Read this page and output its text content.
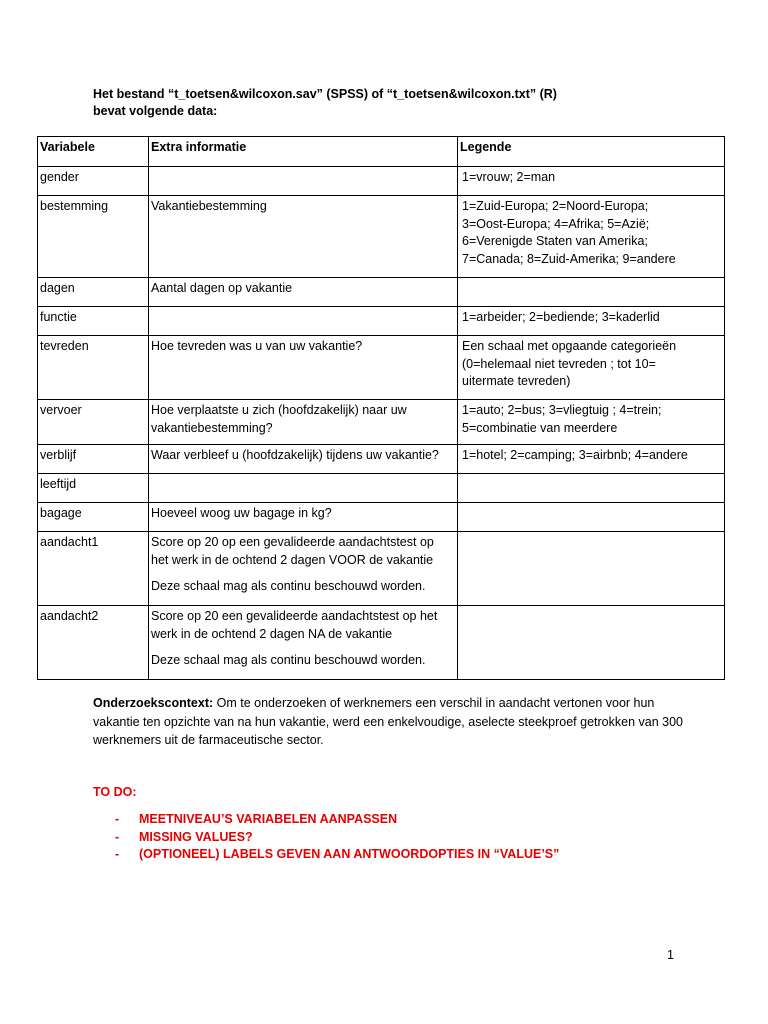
Het bestand “t_toetsen&wilcoxon.sav” (SPSS) of “t_toetsen&wilcoxon.txt” (R)
bevat volgende data:
Variabele	Extra informatie	Legende
gender		1=vrouw; 2=man

bestemming	Vakantiebestemming	1=Zuid-Europa; 2=Noord-Europa;
3=Oost-Europa; 4=Afrika; 5=Azië;
6=Verenigde Staten van Amerika;
7=Canada; 8=Zuid-Amerika; 9=andere

dagen	Aantal dagen op vakantie	

functie		1=arbeider; 2=bediende; 3=kaderlid

tevreden	Hoe tevreden was u van uw vakantie?	Een schaal met opgaande categorieën
(0=helemaal niet tevreden ; tot 10=
uitermate tevreden)

vervoer	Hoe verplaatste u zich (hoofdzakelijk) naar uw
vakantiebestemming?	1=auto; 2=bus; 3=vliegtuig ; 4=trein;
5=combinatie van meerdere

verblijf	Waar verbleef u (hoofdzakelijk) tijdens uw vakantie?	1=hotel; 2=camping; 3=airbnb; 4=andere

leeftijd	

bagage	Hoeveel woog uw bagage in kg?	

aandacht1	Score op 20 op een gevalideerde aandachtstest op
het werk in de ochtend 2 dagen VOOR de vakantie
Deze schaal mag als continu beschouwd worden.	

aandacht2	Score op 20 een gevalideerde aandachtstest op het
werk in de ochtend 2 dagen NA de vakantie
Deze schaal mag als continu beschouwd worden.	

Onderzoekscontext: Om te onderzoeken of werknemers een verschil in aandacht vertonen voor hun vakantie ten opzichte van na hun vakantie, werd een enkelvoudige, aselecte steekproef getrokken van 300 werknemers uit de farmaceutische sector.
TO DO:
- MEETNIVEAU’S VARIABELEN AANPASSEN
- MISSING VALUES?
- (OPTIONEEL) LABELS GEVEN AAN ANTWOORDOPTIES IN “VALUE’S”
1
